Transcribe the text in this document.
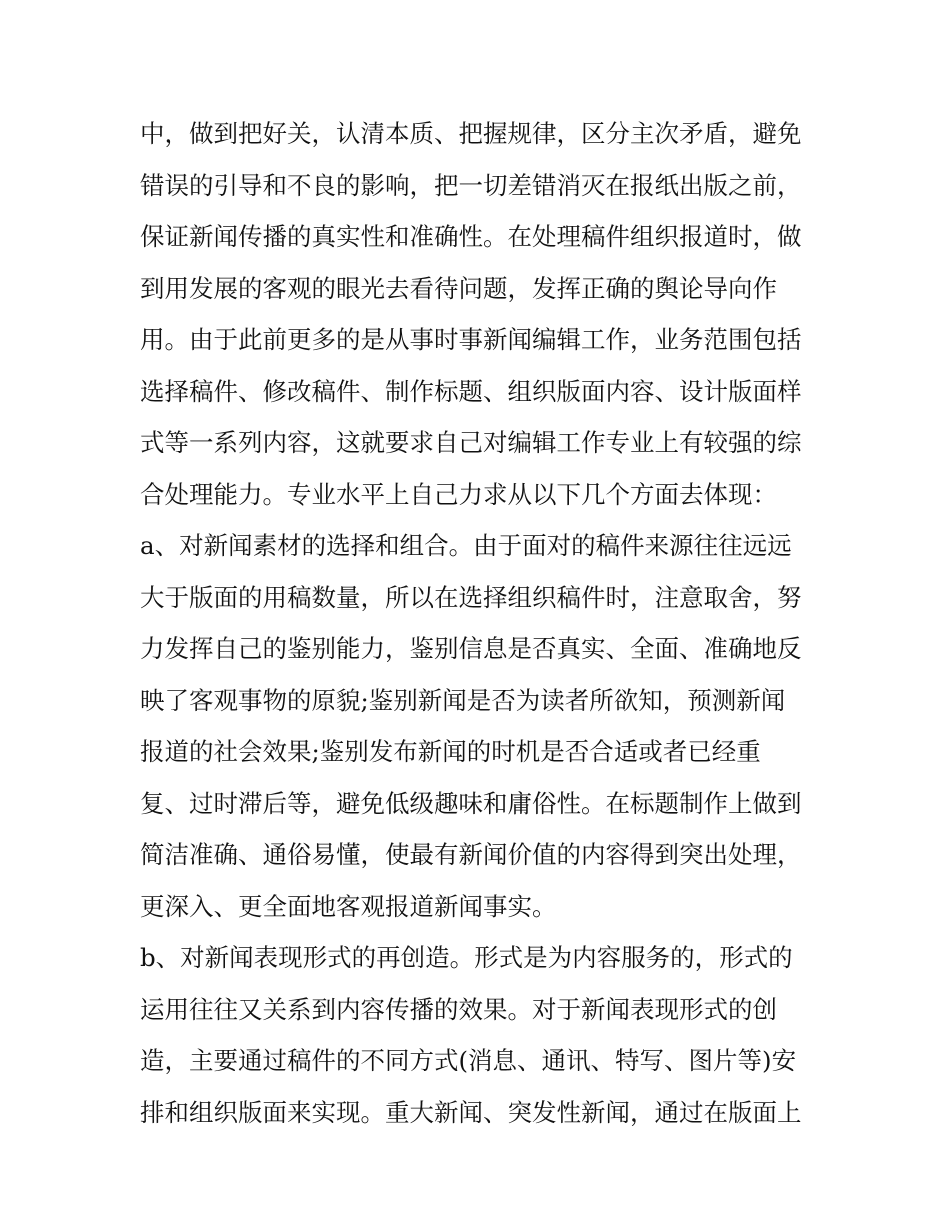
中，做到把好关，认清本质、把握规律，区分主次矛盾，避免
错误的引导和不良的影响，把一切差错消灭在报纸出版之前，
保证新闻传播的真实性和准确性。在处理稿件组织报道时，做
到用发展的客观的眼光去看待问题，发挥正确的舆论导向作
用。由于此前更多的是从事时事新闻编辑工作，业务范围包括
选择稿件、修改稿件、制作标题、组织版面内容、设计版面样
式等一系列内容，这就要求自己对编辑工作专业上有较强的综
合处理能力。专业水平上自己力求从以下几个方面去体现：
a、对新闻素材的选择和组合。由于面对的稿件来源往往远远
大于版面的用稿数量，所以在选择组织稿件时，注意取舍，努
力发挥自己的鉴别能力，鉴别信息是否真实、全面、准确地反
映了客观事物的原貌;鉴别新闻是否为读者所欲知，预测新闻
报道的社会效果;鉴别发布新闻的时机是否合适或者已经重
复、过时滞后等，避免低级趣味和庸俗性。在标题制作上做到
简洁准确、通俗易懂，使最有新闻价值的内容得到突出处理，
更深入、更全面地客观报道新闻事实。
b、对新闻表现形式的再创造。形式是为内容服务的，形式的
运用往往又关系到内容传播的效果。对于新闻表现形式的创
造，主要通过稿件的不同方式(消息、通讯、特写、图片等)安
排和组织版面来实现。重大新闻、突发性新闻，通过在版面上
